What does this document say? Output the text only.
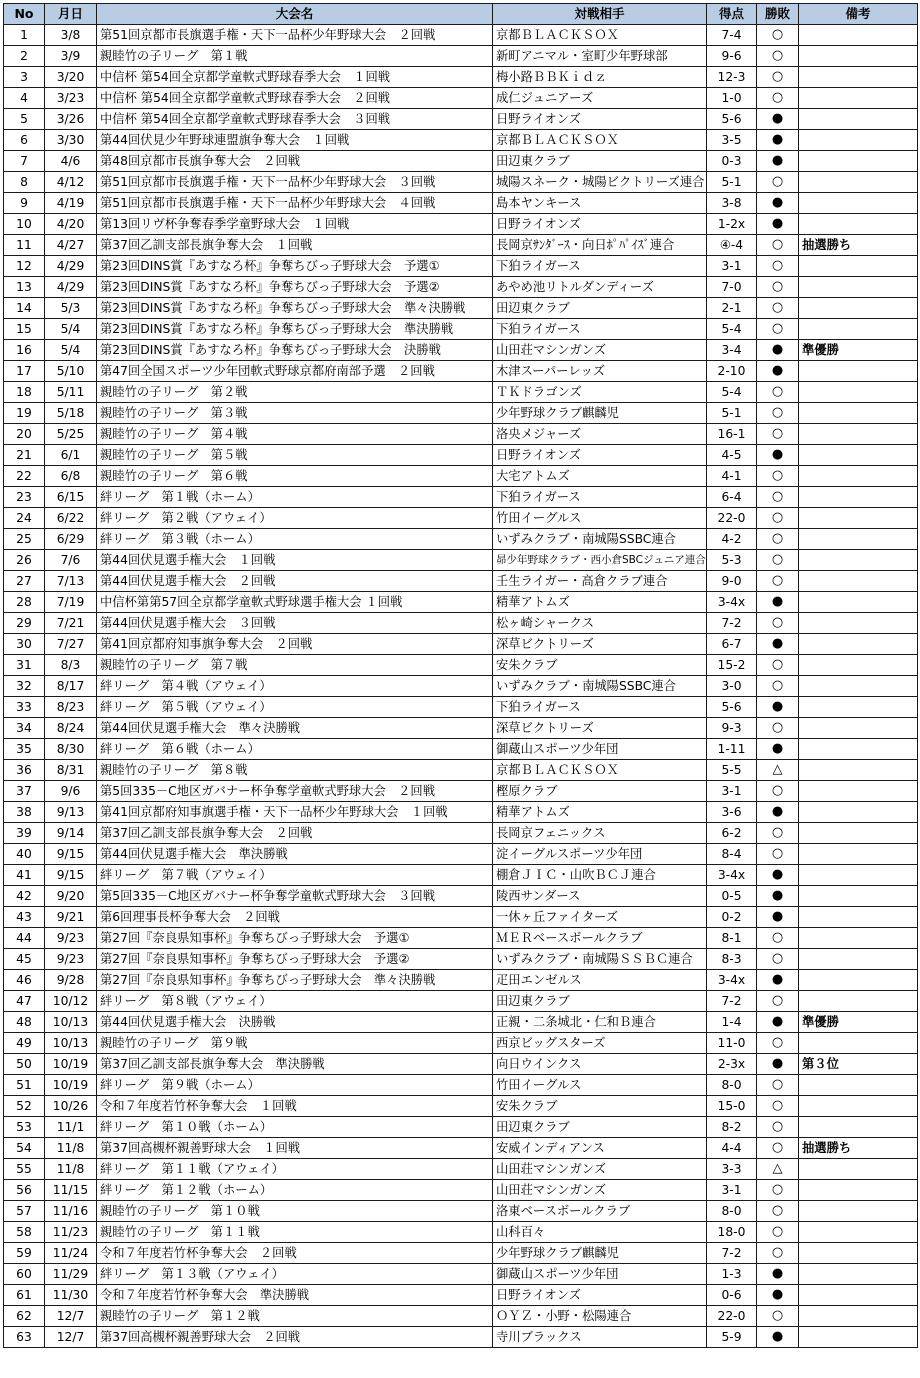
No	月日	大会名	対戦相手	得点	勝敗	備考
1	3/8	第51回京都市長旗選手権・天下一品杯少年野球大会　２回戦	京都ＢＬＡＣＫＳＯＸ	7-4	○	
2	3/9	親睦竹の子リーグ　第１戦	新町アニマル・室町少年野球部	9-6	○	
3	3/20	中信杯 第54回全京都学童軟式野球春季大会　１回戦	梅小路ＢＢＫｉｄｚ	12-3	○	
4	3/23	中信杯 第54回全京都学童軟式野球春季大会　２回戦	成仁ジュニアーズ	1-0	○	
5	3/26	中信杯 第54回全京都学童軟式野球春季大会　３回戦	日野ライオンズ	5-6	●	
6	3/30	第44回伏見少年野球連盟旗争奪大会　１回戦	京都ＢＬＡＣＫＳＯＸ	3-5	●	
7	4/6	第48回京都市長旗争奪大会　２回戦	田辺東クラブ	0-3	●	
8	4/12	第51回京都市長旗選手権・天下一品杯少年野球大会　３回戦	城陽スネーク・城陽ビクトリーズ連合	5-1	○	
9	4/19	第51回京都市長旗選手権・天下一品杯少年野球大会　４回戦	島本ヤンキース	3-8	●	
10	4/20	第13回リヴ杯争奪春季学童野球大会　１回戦	日野ライオンズ	1-2x	●	
11	4/27	第37回乙訓支部長旗争奪大会　１回戦	長岡京ｻﾝﾀﾞｰｽ・向日ﾎﾟﾊﾟｲｽﾞ連合	④-4	○	抽選勝ち
12	4/29	第23回DINS賞『あすなろ杯』争奪ちびっ子野球大会　予選①	下狛ライガース	3-1	○	
13	4/29	第23回DINS賞『あすなろ杯』争奪ちびっ子野球大会　予選②	あやめ池リトルダンディーズ	7-0	○	
14	5/3	第23回DINS賞『あすなろ杯』争奪ちびっ子野球大会　準々決勝戦	田辺東クラブ	2-1	○	
15	5/4	第23回DINS賞『あすなろ杯』争奪ちびっ子野球大会　準決勝戦	下狛ライガース	5-4	○	
16	5/4	第23回DINS賞『あすなろ杯』争奪ちびっ子野球大会　決勝戦	山田荘マシンガンズ	3-4	●	準優勝
17	5/10	第47回全国スポーツ少年団軟式野球京都府南部予選　２回戦	木津スーパーレッズ	2-10	●	
18	5/11	親睦竹の子リーグ　第２戦	ＴＫドラゴンズ	5-4	○	
19	5/18	親睦竹の子リーグ　第３戦	少年野球クラブ麒麟児	5-1	○	
20	5/25	親睦竹の子リーグ　第４戦	洛央メジャーズ	16-1	○	
21	6/1	親睦竹の子リーグ　第５戦	日野ライオンズ	4-5	●	
22	6/8	親睦竹の子リーグ　第６戦	大宅アトムズ	4-1	○	
23	6/15	絆リーグ　第１戦（ホーム）	下狛ライガース	6-4	○	
24	6/22	絆リーグ　第２戦（アウェイ）	竹田イーグルス	22-0	○	
25	6/29	絆リーグ　第３戦（ホーム）	いずみクラブ・南城陽SSBC連合	4-2	○	
26	7/6	第44回伏見選手権大会　１回戦	昴少年野球クラブ・西小倉SBCジュニア連合	5-3	○	
27	7/13	第44回伏見選手権大会　２回戦	壬生ライガー・高倉クラブ連合	9-0	○	
28	7/19	中信杯第第57回全京都学童軟式野球選手権大会 １回戦	精華アトムズ	3-4x	●	
29	7/21	第44回伏見選手権大会　３回戦	松ヶ崎シャークス	7-2	○	
30	7/27	第41回京都府知事旗争奪大会　２回戦	深草ビクトリーズ	6-7	●	
31	8/3	親睦竹の子リーグ　第７戦	安朱クラブ	15-2	○	
32	8/17	絆リーグ　第４戦（アウェイ）	いずみクラブ・南城陽SSBC連合	3-0	○	
33	8/23	絆リーグ　第５戦（アウェイ）	下狛ライガース	5-6	●	
34	8/24	第44回伏見選手権大会　準々決勝戦	深草ビクトリーズ	9-3	○	
35	8/30	絆リーグ　第６戦（ホーム）	御蔵山スポーツ少年団	1-11	●	
36	8/31	親睦竹の子リーグ　第８戦	京都ＢＬＡＣＫＳＯＸ	5-5	△	
37	9/6	第5回335－C地区ガバナー杯争奪学童軟式野球大会　２回戦	樫原クラブ	3-1	○	
38	9/13	第41回京都府知事旗選手権・天下一品杯少年野球大会　１回戦	精華アトムズ	3-6	●	
39	9/14	第37回乙訓支部長旗争奪大会　２回戦	長岡京フェニックス	6-2	○	
40	9/15	第44回伏見選手権大会　準決勝戦	淀イーグルスポーツ少年団	8-4	○	
41	9/15	絆リーグ　第７戦（アウェイ）	棚倉ＪＩＣ・山吹ＢＣＪ連合	3-4x	●	
42	9/20	第5回335－C地区ガバナー杯争奪学童軟式野球大会　３回戦	陵西サンダース	0-5	●	
43	9/21	第6回理事長杯争奪大会　２回戦	一休ヶ丘ファイターズ	0-2	●	
44	9/23	第27回『奈良県知事杯』争奪ちびっ子野球大会　予選①	ＭＥＲベースボールクラブ	8-1	○	
45	9/23	第27回『奈良県知事杯』争奪ちびっ子野球大会　予選②	いずみクラブ・南城陽ＳＳＢＣ連合	8-3	○	
46	9/28	第27回『奈良県知事杯』争奪ちびっ子野球大会　準々決勝戦	疋田エンゼルス	3-4x	●	
47	10/12	絆リーグ　第８戦（アウェイ）	田辺東クラブ	7-2	○	
48	10/13	第44回伏見選手権大会　決勝戦	正親・二条城北・仁和Ｂ連合	1-4	●	準優勝
49	10/13	親睦竹の子リーグ　第９戦	西京ビッグスターズ	11-0	○	
50	10/19	第37回乙訓支部長旗争奪大会　準決勝戦	向日ウインクス	2-3x	●	第３位
51	10/19	絆リーグ　第９戦（ホーム）	竹田イーグルス	8-0	○	
52	10/26	令和７年度若竹杯争奪大会　１回戦	安朱クラブ	15-0	○	
53	11/1	絆リーグ　第１０戦（ホーム）	田辺東クラブ	8-2	○	
54	11/8	第37回高槻杯親善野球大会　１回戦	安威インディアンス	4-4	○	抽選勝ち
55	11/8	絆リーグ　第１１戦（アウェイ）	山田荘マシンガンズ	3-3	△	
56	11/15	絆リーグ　第１２戦（ホーム）	山田荘マシンガンズ	3-1	○	
57	11/16	親睦竹の子リーグ　第１０戦	洛東ベースボールクラブ	8-0	○	
58	11/23	親睦竹の子リーグ　第１１戦	山科百々	18-0	○	
59	11/24	令和７年度若竹杯争奪大会　２回戦	少年野球クラブ麒麟児	7-2	○	
60	11/29	絆リーグ　第１３戦（アウェイ）	御蔵山スポーツ少年団	1-3	●	
61	11/30	令和７年度若竹杯争奪大会　準決勝戦	日野ライオンズ	0-6	●	
62	12/7	親睦竹の子リーグ　第１２戦	ＯＹＺ・小野・松陽連合	22-0	○	
63	12/7	第37回高槻杯親善野球大会　２回戦	寺川ブラックス	5-9	●	
